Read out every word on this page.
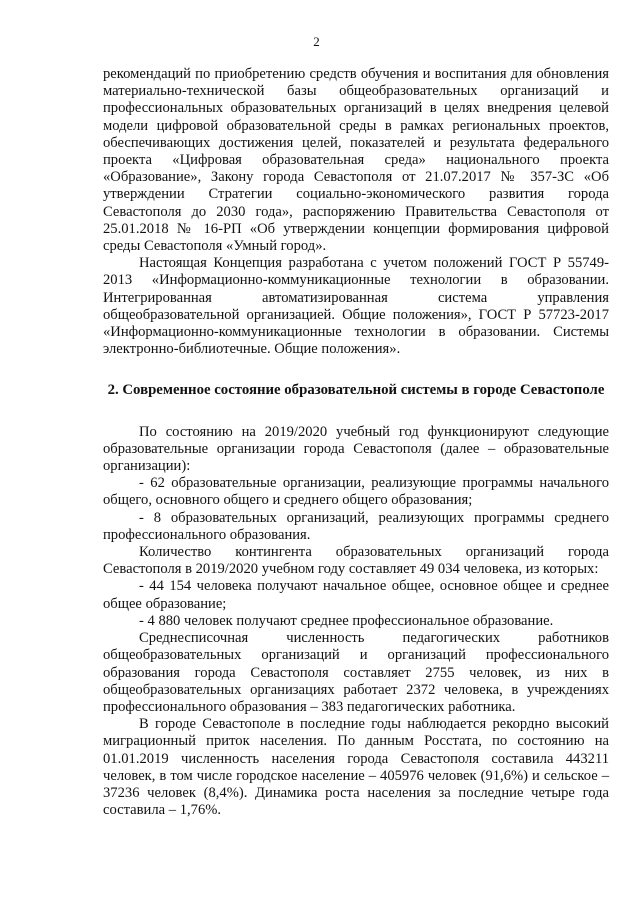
2

рекомендаций по приобретению средств обучения и воспитания для обновления материально-технической базы общеобразовательных организаций и профессиональных образовательных организаций в целях внедрения целевой модели цифровой образовательной среды в рамках региональных проектов, обеспечивающих достижения целей, показателей и результата федерального проекта «Цифровая образовательная среда» национального проекта «Образование», Закону города Севастополя от 21.07.2017 № 357-ЗС «Об утверждении Стратегии социально-экономического развития города Севастополя до 2030 года», распоряжению Правительства Севастополя от 25.01.2018 № 16-РП «Об утверждении концепции формирования цифровой среды Севастополя «Умный город».

Настоящая Концепция разработана с учетом положений ГОСТ Р 55749-2013 «Информационно-коммуникационные технологии в образовании. Интегрированная автоматизированная система управления общеобразовательной организацией. Общие положения», ГОСТ Р 57723-2017 «Информационно-коммуникационные технологии в образовании. Системы электронно-библиотечные. Общие положения».

2. Современное состояние образовательной системы в городе Севастополе

По состоянию на 2019/2020 учебный год функционируют следующие образовательные организации города Севастополя (далее – образовательные организации):

- 62 образовательные организации, реализующие программы начального общего, основного общего и среднего общего образования;

- 8 образовательных организаций, реализующих программы среднего профессионального образования.

Количество контингента образовательных организаций города Севастополя в 2019/2020 учебном году составляет 49 034 человека, из которых:

- 44 154 человека получают начальное общее, основное общее и среднее общее образование;

- 4 880 человек получают среднее профессиональное образование.

Среднесписочная численность педагогических работников общеобразовательных организаций и организаций профессионального образования города Севастополя составляет 2755 человек, из них в общеобразовательных организациях работает 2372 человека, в учреждениях профессионального образования – 383 педагогических работника.

В городе Севастополе в последние годы наблюдается рекордно высокий миграционный приток населения. По данным Росстата, по состоянию на 01.01.2019 численность населения города Севастополя составила 443211 человек, в том числе городское население – 405976 человек (91,6%) и сельское – 37236 человек (8,4%). Динамика роста населения за последние четыре года составила – 1,76%.
